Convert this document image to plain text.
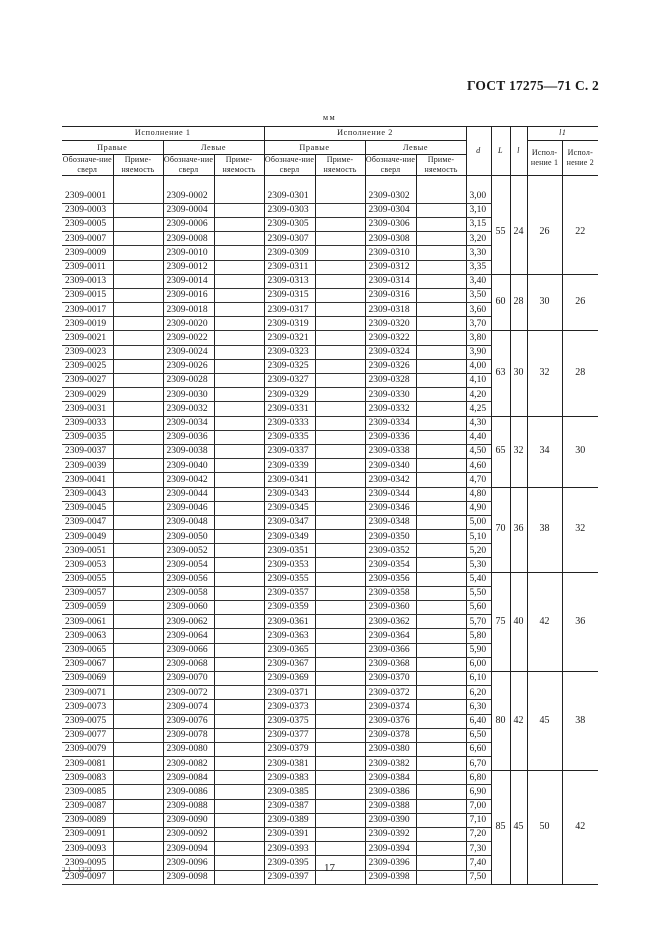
ГОСТ 17275—71 С. 2
мм
Исполнение 1				Исполнение 2				d	L	l	l1	
Правые		Левые		Правые		Левые					Испол-нение 1	Испол-нение 2
Обозначе-ние сверл	Приме-няемость	Обозначе-ние сверл	Приме-няемость	Обозначе-ние сверл	Приме-няемость	Обозначе-ние сверл	Приме-няемость					

2309-0001		2309-0002		2309-0301		2309-0302		3,00	55	24	26	22
2309-0003		2309-0004		2309-0303		2309-0304		3,10				
2309-0005		2309-0006		2309-0305		2309-0306		3,15				
2309-0007		2309-0008		2309-0307		2309-0308		3,20				
2309-0009		2309-0010		2309-0309		2309-0310		3,30				
2309-0011		2309-0012		2309-0311		2309-0312		3,35				
2309-0013		2309-0014		2309-0313		2309-0314		3,40	60	28	30	26
2309-0015		2309-0016		2309-0315		2309-0316		3,50				
2309-0017		2309-0018		2309-0317		2309-0318		3,60				
2309-0019		2309-0020		2309-0319		2309-0320		3,70				
2309-0021		2309-0022		2309-0321		2309-0322		3,80	63	30	32	28
2309-0023		2309-0024		2309-0323		2309-0324		3,90				
2309-0025		2309-0026		2309-0325		2309-0326		4,00				
2309-0027		2309-0028		2309-0327		2309-0328		4,10				
2309-0029		2309-0030		2309-0329		2309-0330		4,20				
2309-0031		2309-0032		2309-0331		2309-0332		4,25				
2309-0033		2309-0034		2309-0333		2309-0334		4,30	65	32	34	30
2309-0035		2309-0036		2309-0335		2309-0336		4,40				
2309-0037		2309-0038		2309-0337		2309-0338		4,50				
2309-0039		2309-0040		2309-0339		2309-0340		4,60				
2309-0041		2309-0042		2309-0341		2309-0342		4,70				
2309-0043		2309-0044		2309-0343		2309-0344		4,80	70	36	38	32
2309-0045		2309-0046		2309-0345		2309-0346		4,90				
2309-0047		2309-0048		2309-0347		2309-0348		5,00				
2309-0049		2309-0050		2309-0349		2309-0350		5,10				
2309-0051		2309-0052		2309-0351		2309-0352		5,20				
2309-0053		2309-0054		2309-0353		2309-0354		5,30				
2309-0055		2309-0056		2309-0355		2309-0356		5,40	75	40	42	36
2309-0057		2309-0058		2309-0357		2309-0358		5,50				
2309-0059		2309-0060		2309-0359		2309-0360		5,60				
2309-0061		2309-0062		2309-0361		2309-0362		5,70				
2309-0063		2309-0064		2309-0363		2309-0364		5,80				
2309-0065		2309-0066		2309-0365		2309-0366		5,90				
2309-0067		2309-0068		2309-0367		2309-0368		6,00				
2309-0069		2309-0070		2309-0369		2309-0370		6,10	80	42	45	38
2309-0071		2309-0072		2309-0371		2309-0372		6,20				
2309-0073		2309-0074		2309-0373		2309-0374		6,30				
2309-0075		2309-0076		2309-0375		2309-0376		6,40				
2309-0077		2309-0078		2309-0377		2309-0378		6,50				
2309-0079		2309-0080		2309-0379		2309-0380		6,60				
2309-0081		2309-0082		2309-0381		2309-0382		6,70				
2309-0083		2309-0084		2309-0383		2309-0384		6,80	85	45	50	42
2309-0085		2309-0086		2309-0385		2309-0386		6,90				
2309-0087		2309-0088		2309-0387		2309-0388		7,00				
2309-0089		2309-0090		2309-0389		2309-0390		7,10				
2309-0091		2309-0092		2309-0391		2309-0392		7,20				
2309-0093		2309-0094		2309-0393		2309-0394		7,30				
2309-0095		2309-0096		2309-0395		2309-0396		7,40				
2309-0097		2309-0098		2309-0397		2309-0398		7,50				
2-1-- 1323	17
